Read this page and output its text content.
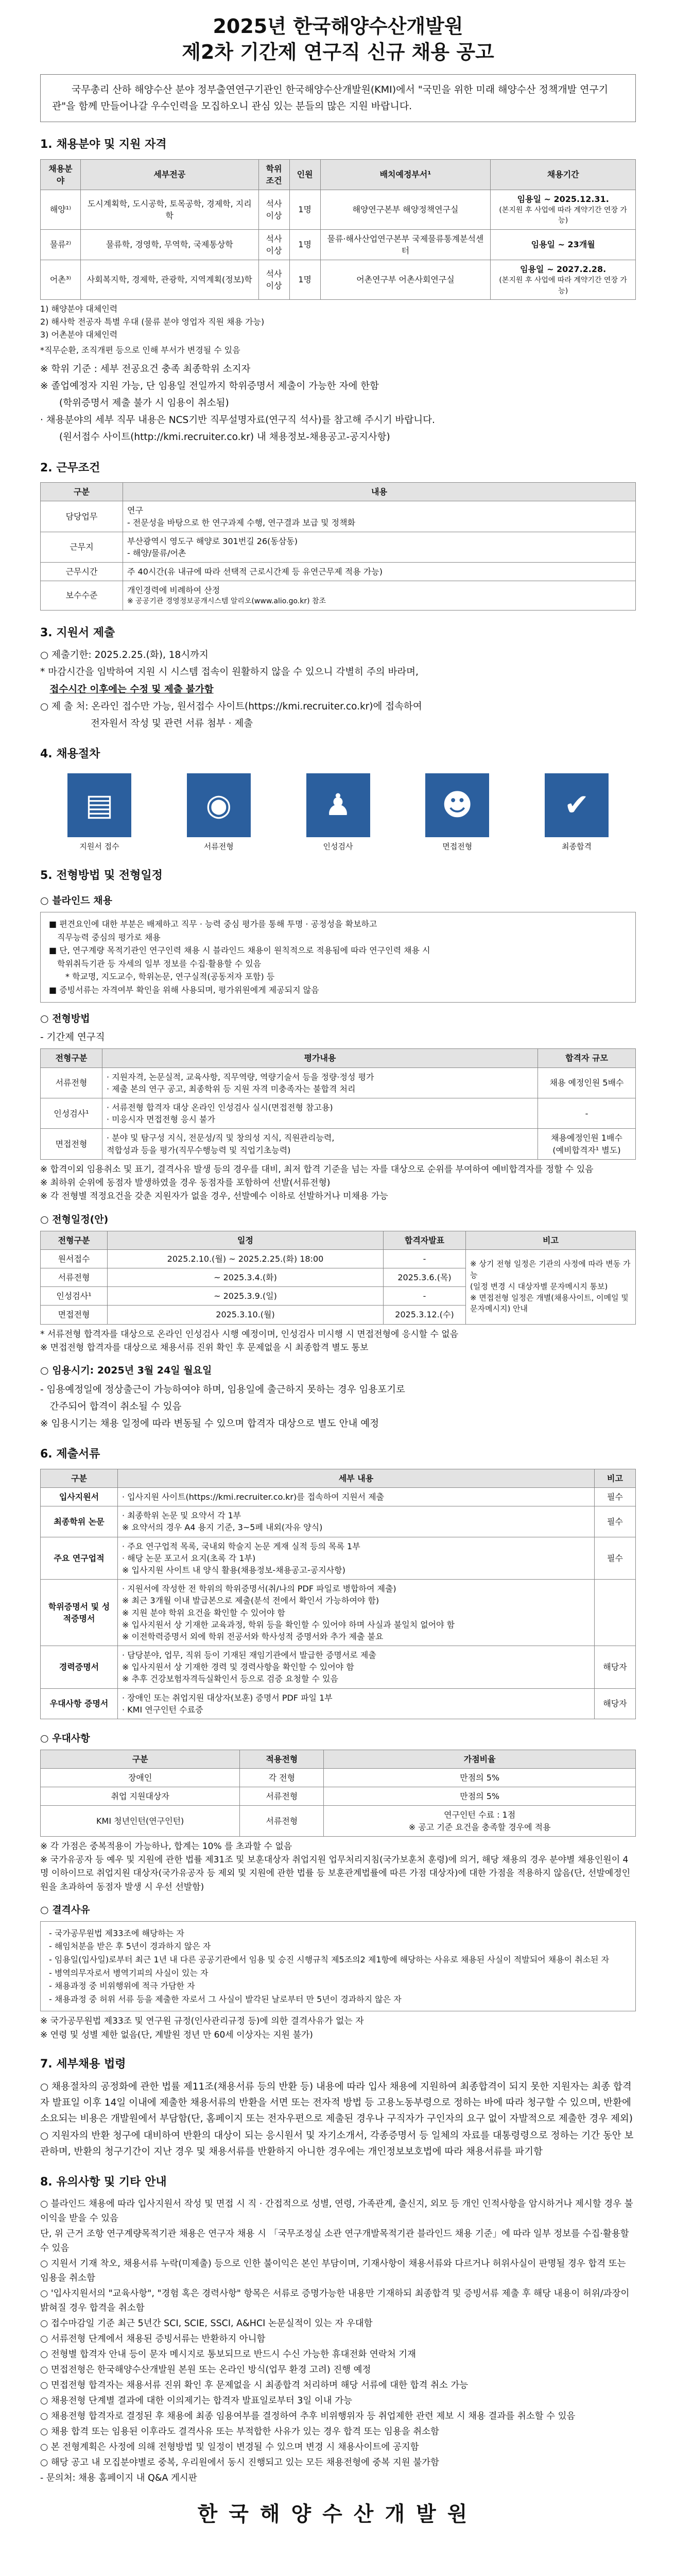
2025년 한국해양수산개발원
제2차 기간제 연구직 신규 채용 공고
국무총리 산하 해양수산 분야 정부출연연구기관인 한국해양수산개발원(KMI)에서 "국민을 위한 미래 해양수산 정책개발 연구기관"을 함께 만들어나갈 우수인력을 모집하오니 관심 있는 분들의 많은 지원 바랍니다.
1. 채용분야 및 지원 자격
채용분야	세부전공	학위조건	인원	배치예정부서¹	채용기간
해양¹⁾	도시계획학, 도시공학, 토목공학, 경제학, 지리학	석사 이상	1명	해양연구본부 해양정책연구실	임용일 ~ 2025.12.31.
(본지원 후 사업에 따라 계약기간 연장 가능)

물류²⁾	물류학, 경영학, 무역학, 국제통상학	석사 이상	1명	물류·해사산업연구본부 국제물류통계분석센터	임용일 ~ 23개월

어촌³⁾	사회복지학, 경제학, 관광학, 지역계획(정보)학	석사 이상	1명	어촌연구부 어촌사회연구실	임용일 ~ 2027.2.28.
(본지원 후 사업에 따라 계약기간 연장 가능)
1) 해양분야 대체인력
2) 해사학 전공자 특별 우대 (물류 분야 영업자 직원 채용 가능)
3) 어촌분야 대체인력
*직무순환, 조직개편 등으로 인해 부서가 변경될 수 있음

※ 학위 기준 : 세부 전공요건 충족 최종학위 소지자

※ 졸업예정자 지원 가능, 단 임용일 전일까지 학위증명서 제출이 가능한 자에 한함

(학위증명서 제출 불가 시 임용이 취소됨)

· 채용분야의 세부 직무 내용은 NCS기반 직무설명자료(연구직 석사)를 참고해 주시기 바랍니다.

(원서접수 사이트(http://kmi.recruiter.co.kr) 내 채용정보-채용공고-공지사항)

2. 근무조건
구분	내용
담당업무	연구
- 전문성을 바탕으로 한 연구과제 수행, 연구결과 보급 및 정책화

근무지	부산광역시 영도구 해양로 301번길 26(동삼동)
- 해양/물류/어촌

근무시간	주 40시간(유 내규에 따라 선택적 근로시간제 등 유연근무제 적용 가능)
보수수준	개인경력에 비례하여 산정
※ 공공기관 경영정보공개시스템 알리오(www.alio.go.kr) 참조
3. 지원서 제출

○ 제출기한: 2025.2.25.(화), 18시까지

* 마감시간을 임박하여 지원 시 시스템 접속이 원활하지 않을 수 있으니 각별히 주의 바라며,

접수시간 이후에는 수정 및 제출 불가함

○ 제 출 처: 온라인 접수만 가능, 원서접수 사이트(https://kmi.recruiter.co.kr)에 접속하여

전자원서 작성 및 관련 서류 첨부 · 제출

4. 채용절차
▤
지원서 접수
◉
서류전형
♟
인성검사
☻
면접전형
✔
최종합격
5. 전형방법 및 전형일정
○ 블라인드 채용
■ 편견요인에 대한 부분은 배제하고 직무 · 능력 중심 평가를 통해 투명 · 공정성을 확보하고
직무능력 중심의 평가로 채용
■ 단, 연구계량 목적기관인 연구인력 채용 시 블라인드 채용이 원칙적으로 적용됨에 따라 연구인력 채용 시
학위취득기관 등 자세의 일부 정보를 수집·활용할 수 있음
* 학교명, 지도교수, 학위논문, 연구실적(공동저자 포함) 등
■ 증빙서류는 자격여부 확인을 위해 사용되며, 평가위원에게 제공되지 않음
○ 전형방법
- 기간제 연구직
전형구분	평가내용	합격자 규모
서류전형	· 지원자격, 논문실적, 교육사항, 직무역량, 역량기술서 등을 정량·정성 평가
· 제출 본의 연구 공고, 최종학위 등 지원 자격 미충족자는 불합격 처리	채용 예정인원 5배수
인성검사¹	· 서류전형 합격자 대상 온라인 인성검사 실시(면접전형 참고용)
· 미응시자 면접전형 응시 불가	-
면접전형	· 분야 및 탐구성 지식, 전문성/직 및 창의성 지식, 직원관리능력,
적합성과 등을 평가(직무수행능력 및 직업기초능력)	채용예정인원 1배수
(예비합격자¹ 별도)
※ 합격이외 임용취소 및 표기, 결격사유 발생 등의 경우를 대비, 최저 합격 기준을 넘는 자를 대상으로 순위를 부여하여 예비합격자를 정할 수 있음
※ 최하위 순위에 동점자 발생하였을 경우 동점자를 포함하여 선발(서류전형)
※ 각 전형별 적정요건을 갖춘 지원자가 없을 경우, 선발예수 이하로 선발하거나 미채용 가능
○ 전형일정(안)
전형구분	일정	합격자발표	비고
원서접수	2025.2.10.(월) ~ 2025.2.25.(화) 18:00	-	※ 상기 전형 일정은 기관의 사정에 따라 변동 가능
(일정 변경 시 대상자별 문자메시지 통보)
※ 면접전형 일정은 개별(채용사이트, 이메일 및 문자메시지) 안내
서류전형	~ 2025.3.4.(화)	2025.3.6.(목)	
인성검사¹	~ 2025.3.9.(일)	-	
면접전형	2025.3.10.(월)	2025.3.12.(수)	
* 서류전형 합격자를 대상으로 온라인 인성검사 시행 예정이며, 인성검사 미시행 시 면접전형에 응시할 수 없음
※ 면접전형 합격자를 대상으로 채용서류 진위 확인 후 문제없을 시 최종합격 별도 통보
○ 임용시기: 2025년 3월 24일 월요일

- 임용예정일에 정상출근이 가능하여야 하며, 임용일에 출근하지 못하는 경우 임용포기로

간주되어 합격이 취소될 수 있음

※ 임용시기는 채용 일정에 따라 변동될 수 있으며 합격자 대상으로 별도 안내 예정

6. 제출서류
구분	세부 내용	비고
입사지원서	· 입사지원 사이트(https://kmi.recruiter.co.kr)를 접속하여 지원서 제출	필수
최종학위 논문	· 최종학위 논문 및 요약서 각 1부
※ 요약서의 경우 A4 용지 기준, 3~5페 내외(자유 양식)	필수
주요 연구업적	· 주요 연구업적 목록, 국내외 학술지 논문 게재 실적 등의 목록 1부
· 해당 논문 포고서 요지(초록 각 1부)
※ 입사지원 사이트 내 양식 활용(채용정보-채용공고-공지사항)	필수
학위증명서 및 성적증명서	· 지원서에 작성한 전 학위의 학위증명서(취/나의 PDF 파일로 병합하여 제출)
※ 최근 3개월 이내 발급본으로 제출(분석 전에서 확인서 가능하여야 함)
※ 지원 분야 학위 요건을 확인할 수 있어야 함
※ 입사지원서 상 기재한 교육과정, 학위 등을 확인할 수 있어야 하며 사실과 불일치 없어야 함
※ 이전학력증명서 외에 학위 전공서와 학사성적 증명서와 추가 제출 불요	
경력증명서	· 담당분야, 업무, 직위 등이 기재된 재임기관에서 발급한 증명서로 제출
※ 입사지원서 상 기재한 경력 및 경력사항을 확인할 수 있어야 함
※ 추후 건강보험자격득실확인서 등으로 검증 요청할 수 있음	해당자
우대사항 증명서	· 장애인 또는 취업지원 대상자(보훈) 증명서 PDF 파일 1부
· KMI 연구인턴 수료증	해당자
○ 우대사항
구분	적용전형	가점비율
장애인	각 전형	만점의 5%
취업 지원대상자	서류전형	만점의 5%
KMI 청년인턴(연구인턴)	서류전형	연구인턴 수료 : 1점
※ 공고 기준 요건을 충족할 경우에 적용
※ 각 가점은 중복적용이 가능하나, 합계는 10% 를 초과할 수 없음
※ 국가유공자 등 예우 및 지원에 관한 법률 제31조 및 보훈대상자 취업지원 업무처리지침(국가보훈처 훈령)에 의거, 해당 채용의 경우 분야별 채용인원이 4명 이하이므로 취업지원 대상자(국가유공자 등 제외 및 지원에 관한 법률 등 보훈관계법률에 따른 가점 대상자)에 대한 가점을 적용하지 않음(단, 선발예정인원을 초과하여 동점자 발생 시 우선 선발함)
○ 결격사유
- 국가공무원법 제33조에 해당하는 자
- 해임처분을 받은 후 5년이 경과하지 않은 자
- 임용일(입사일)로부터 최근 1년 내 다른 공공기관에서 임용 및 승진 시행규칙 제5조의2 제1항에 해당하는 사유로 채용된 사실이 적발되어 채용이 취소된 자
- 병역의무자로서 병역기피의 사실이 있는 자
- 채용과정 중 비위행위에 적극 가담한 자
- 채용과정 중 허위 서류 등을 제출한 자로서 그 사실이 발각된 날로부터 만 5년이 경과하지 않은 자
※ 국가공무원법 제33조 및 연구원 규정(인사관리규정 등)에 의한 결격사유가 없는 자
※ 연령 및 성별 제한 없음(단, 계발원 정년 만 60세 이상자는 지원 불가)
7. 세부채용 법령

○ 채용절차의 공정화에 관한 법률 제11조(채용서류 등의 반환 등) 내용에 따라 입사 채용에 지원하여 최종합격이 되지 못한 지원자는 최종 합격자 발표일 이후 14일 이내에 제출한 채용서류의 반환을 서면 또는 전자적 방법 등 고용노동부령으로 정하는 바에 따라 청구할 수 있으며, 반환에 소요되는 비용은 개발원에서 부담함(단, 홈페이지 또는 전자우편으로 제출된 경우나 구직자가 구인자의 요구 없이 자발적으로 제출한 경우 제외)

○ 지원자의 반환 청구에 대비하여 반환의 대상이 되는 응시원서 및 자기소개서, 각종증명서 등 일체의 자료를 대통령령으로 정하는 기간 동안 보관하며, 반환의 청구기간이 지난 경우 및 채용서류를 반환하지 아니한 경우에는 개인정보보호법에 따라 채용서류를 파기함

8. 유의사항 및 기타 안내

○ 블라인드 채용에 따라 입사지원서 작성 및 면접 시 직 · 간접적으로 성별, 연령, 가족관계, 출신지, 외모 등 개인 인적사항을 암시하거나 제시할 경우 불이익을 받을 수 있음

단, 위 근거 조항 연구계량목적기관 채용은 연구자 채용 시 「국무조정실 소관 연구개발목적기관 블라인드 채용 기준」에 따라 일부 정보를 수집·활용할 수 있음

○ 지원서 기재 착오, 채용서류 누락(미제출) 등으로 인한 불이익은 본인 부담이며, 기재사항이 채용서류와 다르거나 허위사실이 판명될 경우 합격 또는 임용을 취소함

○ '입사지원서의 "교육사항", "경험 혹은 경력사항" 항목은 서류로 증명가능한 내용만 기재하되 최종합격 및 증빙서류 제출 후 해당 내용이 허위/과장이 밝혀질 경우 합격을 취소함

○ 접수마감일 기준 최근 5년간 SCI, SCIE, SSCI, A&HCI 논문실적이 있는 자 우대함

○ 서류전형 단계에서 채용된 증빙서류는 반환하지 아니함

○ 전형별 합격자 안내 등이 문자 메시지로 통보되므로 반드시 수신 가능한 휴대전화 연락처 기재

○ 면접전형은 한국해양수산개발원 본원 또는 온라인 방식(업무 환경 고려) 진행 예정

○ 면접전형 합격자는 채용서류 진위 확인 후 문제없을 시 최종합격 처리하며 해당 서류에 대한 합격 취소 가능

○ 채용전형 단계별 결과에 대한 이의제기는 합격자 발표일로부터 3일 이내 가능

○ 채용전형 합격자로 결정된 후 채용에 최종 임용여부를 결정하여 추후 비위행위자 등 취업제한 관련 제보 시 채용 결과를 취소할 수 있음

○ 채용 합격 또는 임용된 이후라도 결격사유 또는 부적합한 사유가 있는 경우 합격 또는 임용을 취소함

○ 본 전형계획은 사정에 의해 전형방법 및 일정이 변경될 수 있으며 변경 시 채용사이트에 공지함

○ 해당 공고 내 모집분야별로 중복, 우리원에서 동시 진행되고 있는 모든 채용전형에 중복 지원 불가함

- 문의처: 채용 홈페이지 내 Q&A 게시판

한국해양수산개발원
